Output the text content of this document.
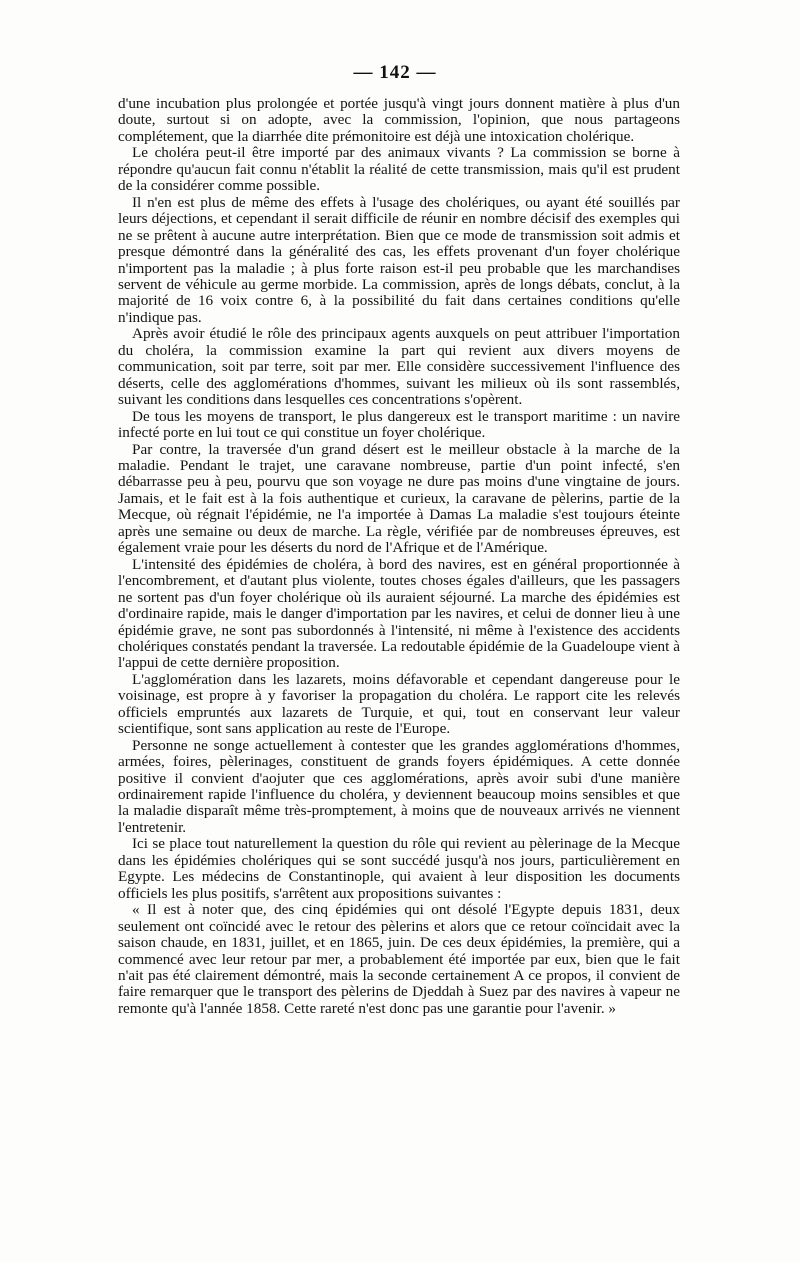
— 142 —

d'une incubation plus prolongée et portée jusqu'à vingt jours donnent matière à plus d'un doute, surtout si on adopte, avec la commission, l'opinion, que nous partageons complétement, que la diarrhée dite prémonitoire est déjà une intoxication cholérique.

Le choléra peut-il être importé par des animaux vivants ? La commission se borne à répondre qu'aucun fait connu n'établit la réalité de cette transmission, mais qu'il est prudent de la considérer comme possible.

Il n'en est plus de même des effets à l'usage des cholériques, ou ayant été souillés par leurs déjections, et cependant il serait difficile de réunir en nombre décisif des exemples qui ne se prêtent à aucune autre interprétation. Bien que ce mode de transmission soit admis et presque démontré dans la généralité des cas, les effets provenant d'un foyer cholérique n'importent pas la maladie ; à plus forte raison est-il peu probable que les marchandises servent de véhicule au germe morbide. La commission, après de longs débats, conclut, à la majorité de 16 voix contre 6, à la possibilité du fait dans certaines conditions qu'elle n'indique pas.

Après avoir étudié le rôle des principaux agents auxquels on peut attribuer l'importation du choléra, la commission examine la part qui revient aux divers moyens de communication, soit par terre, soit par mer. Elle considère successivement l'influence des déserts, celle des agglomérations d'hommes, suivant les milieux où ils sont rassemblés, suivant les conditions dans lesquelles ces concentrations s'opèrent.

De tous les moyens de transport, le plus dangereux est le transport maritime : un navire infecté porte en lui tout ce qui constitue un foyer cholérique.

Par contre, la traversée d'un grand désert est le meilleur obstacle à la marche de la maladie. Pendant le trajet, une caravane nombreuse, partie d'un point infecté, s'en débarrasse peu à peu, pourvu que son voyage ne dure pas moins d'une vingtaine de jours. Jamais, et le fait est à la fois authentique et curieux, la caravane de pèlerins, partie de la Mecque, où régnait l'épidémie, ne l'a importée à Damas La maladie s'est toujours éteinte après une semaine ou deux de marche. La règle, vérifiée par de nombreuses épreuves, est également vraie pour les déserts du nord de l'Afrique et de l'Amérique.

L'intensité des épidémies de choléra, à bord des navires, est en général proportionnée à l'encombrement, et d'autant plus violente, toutes choses égales d'ailleurs, que les passagers ne sortent pas d'un foyer cholérique où ils auraient séjourné. La marche des épidémies est d'ordinaire rapide, mais le danger d'importation par les navires, et celui de donner lieu à une épidémie grave, ne sont pas subordonnés à l'intensité, ni même à l'existence des accidents cholériques constatés pendant la traversée. La redoutable épidémie de la Guadeloupe vient à l'appui de cette dernière proposition.

L'agglomération dans les lazarets, moins défavorable et cependant dangereuse pour le voisinage, est propre à y favoriser la propagation du choléra. Le rapport cite les relevés officiels empruntés aux lazarets de Turquie, et qui, tout en conservant leur valeur scientifique, sont sans application au reste de l'Europe.

Personne ne songe actuellement à contester que les grandes agglomérations d'hommes, armées, foires, pèlerinages, constituent de grands foyers épidémiques. A cette donnée positive il convient d'aojuter que ces agglomérations, après avoir subi d'une manière ordinairement rapide l'influence du choléra, y deviennent beaucoup moins sensibles et que la maladie disparaît même très-promptement, à moins que de nouveaux arrivés ne viennent l'entretenir.

Ici se place tout naturellement la question du rôle qui revient au pèlerinage de la Mecque dans les épidémies cholériques qui se sont succédé jusqu'à nos jours, particulièrement en Egypte. Les médecins de Constantinople, qui avaient à leur disposition les documents officiels les plus positifs, s'arrêtent aux propositions suivantes :

« Il est à noter que, des cinq épidémies qui ont désolé l'Egypte depuis 1831, deux seulement ont coïncidé avec le retour des pèlerins et alors que ce retour coïncidait avec la saison chaude, en 1831, juillet, et en 1865, juin. De ces deux épidémies, la première, qui a commencé avec leur retour par mer, a probablement été importée par eux, bien que le fait n'ait pas été clairement démontré, mais la seconde certainement A ce propos, il convient de faire remarquer que le transport des pèlerins de Djeddah à Suez par des navires à vapeur ne remonte qu'à l'année 1858. Cette rareté n'est donc pas une garantie pour l'avenir. »
